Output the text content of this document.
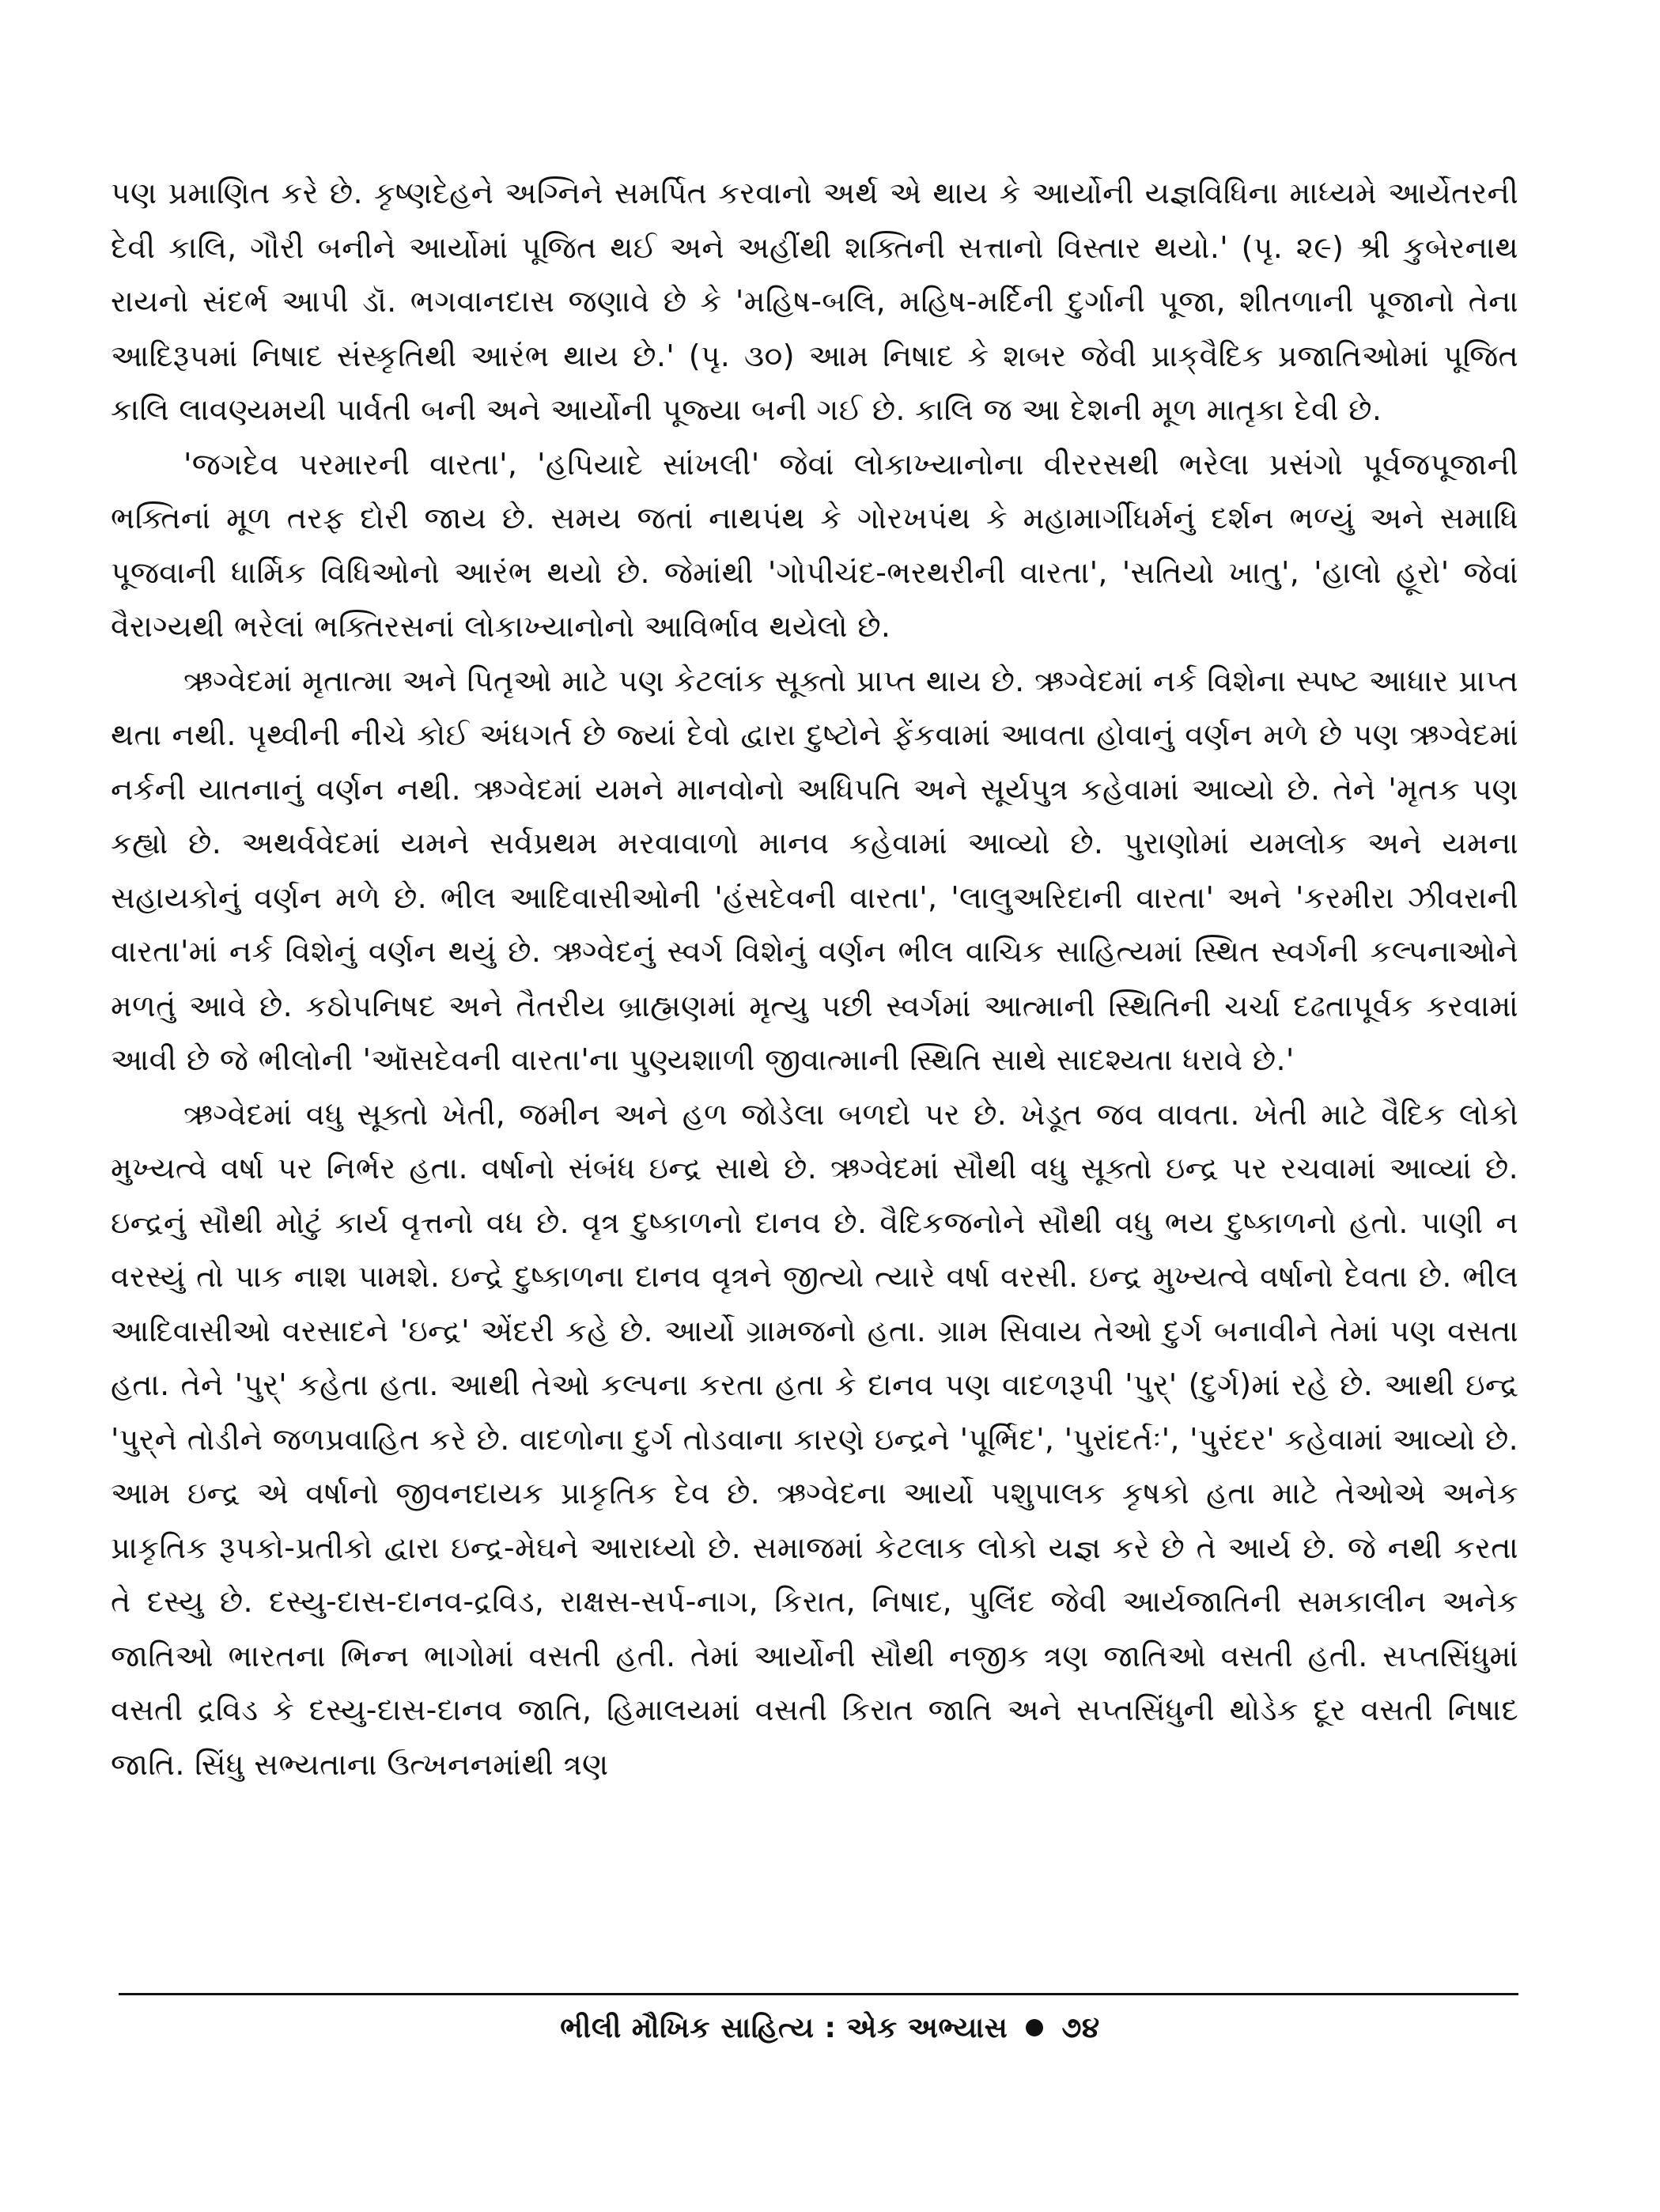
પણ પ્રમાણિત કરે છે. કૃષ્ણદેહને અગ્નિને સમર્પિત કરવાનો અર્થ એ થાય કે આર્યોની યજ્ઞવિધિના માધ્યમે આર્યેતરની દેવી કાલિ, ગૌરી બનીને આર્યોમાં પૂજિત થઈ અને અહીંથી શક્તિની સત્તાનો વિસ્તાર થયો.' (પૃ. ૨૯) શ્રી કુબેરનાથ રાયનો સંદર્ભ આપી ડૉ. ભગવાનદાસ જણાવે છે કે 'મહિષ-બલિ, મહિષ-મર્દિની દુર્ગાની પૂજા, શીતળાની પૂજાનો તેના આદિરૂપમાં નિષાદ સંસ્કૃતિથી આરંભ થાય છે.' (પૃ. ૩૦) આમ નિષાદ કે શબર જેવી પ્રાક્‌વૈદિક પ્રજાતિઓમાં પૂજિત કાલિ લાવણ્યમયી પાર્વતી બની અને આર્યોની પૂજ્યા બની ગઈ છે. કાલિ જ આ દેશની મૂળ માતૃકા દેવી છે.

'જગદેવ પરમારની વારતા', 'હપિયાદે સાંખલી' જેવાં લોકાખ્યાનોના વીરરસથી ભરેલા પ્રસંગો પૂર્વજપૂજાની ભક્તિનાં મૂળ તરફ દોરી જાય છે. સમય જતાં નાથપંથ કે ગોરખપંથ કે મહામાર્ગીધર્મનું દર્શન ભળ્યું અને સમાધિ પૂજવાની ધાર્મિક વિધિઓનો આરંભ થયો છે. જેમાંથી 'ગોપીચંદ-ભરથરીની વારતા', 'સતિયો ખાતુ', 'હાલો હૂરો' જેવાં વૈરાગ્યથી ભરેલાં ભક્તિરસનાં લોકાખ્યાનોનો આવિર્ભાવ થયેલો છે.

ઋગ્વેદમાં મૃતાત્મા અને પિતૃઓ માટે પણ કેટલાંક સૂક્તો પ્રાપ્ત થાય છે. ઋગ્વેદમાં નર્ક વિશેના સ્પષ્ટ આધાર પ્રાપ્ત થતા નથી. પૃથ્વીની નીચે કોઈ અંધગર્ત છે જ્યાં દેવો દ્વારા દુષ્ટોને ફેંકવામાં આવતા હોવાનું વર્ણન મળે છે પણ ઋગ્વેદમાં નર્કની યાતનાનું વર્ણન નથી. ઋગ્વેદમાં યમને માનવોનો અધિપતિ અને સૂર્યપુત્ર કહેવામાં આવ્યો છે. તેને 'મૃતક પણ કહ્યો છે. અથર્વવેદમાં યમને સર્વપ્રથમ મરવાવાળો માનવ કહેવામાં આવ્યો છે. પુરાણોમાં યમલોક અને યમના સહાયકોનું વર્ણન મળે છે. ભીલ આદિવાસીઓની 'હંસદેવની વારતા', 'લાલુઅરિદાની વારતા' અને 'કરમીરા ઝીવરાની વારતા'માં નર્ક વિશેનું વર્ણન થયું છે. ઋગ્વેદનું સ્વર્ગ વિશેનું વર્ણન ભીલ વાચિક સાહિત્યમાં સ્થિત સ્વર્ગની કલ્પનાઓને મળતું આવે છે. કઠોપનિષદ અને તૈતરીય બ્રાહ્મણમાં મૃત્યુ પછી સ્વર્ગમાં આત્માની સ્થિતિની ચર્ચા દઢતાપૂર્વક કરવામાં આવી છે જે ભીલોની 'ઑસદેવની વારતા'ના પુણ્યશાળી જીવાત્માની સ્થિતિ સાથે સાદશ્યતા ધરાવે છે.'

ઋગ્વેદમાં વધુ સૂક્તો ખેતી, જમીન અને હળ જોડેલા બળદો પર છે. ખેડૂત જવ વાવતા. ખેતી માટે વૈદિક લોકો મુખ્યત્વે વર્ષા પર નિર્ભર હતા. વર્ષાનો સંબંધ ઇન્દ્ર સાથે છે. ઋગ્વેદમાં સૌથી વધુ સૂક્તો ઇન્દ્ર પર રચવામાં આવ્યાં છે. ઇન્દ્રનું સૌથી મોટું કાર્ય વૃત્તનો વધ છે. વૃત્ર દુષ્કાળનો દાનવ છે. વૈદિકજનોને સૌથી વધુ ભય દુષ્કાળનો હતો. પાણી ન વરસ્યું તો પાક નાશ પામશે. ઇન્દ્રે દુષ્કાળના દાનવ વૃત્રને જીત્યો ત્યારે વર્ષા વરસી. ઇન્દ્ર મુખ્યત્વે વર્ષાનો દેવતા છે. ભીલ આદિવાસીઓ વરસાદને 'ઇન્દ્ર' એંદરી કહે છે. આર્યો ગ્રામજનો હતા. ગ્રામ સિવાય તેઓ દુર્ગ બનાવીને તેમાં પણ વસતા હતા. તેને 'પુર્' કહેતા હતા. આથી તેઓ કલ્પના કરતા હતા કે દાનવ પણ વાદળરૂપી 'પુર્' (દુર્ગ)માં રહે છે. આથી ઇન્દ્ર 'પુર્‌ને તોડીને જળપ્રવાહિત કરે છે. વાદળોના દુર્ગ તોડવાના કારણે ઇન્દ્રને 'પૂર્ભિદ', 'પુરાંદર્તઃ', 'પુરંદર' કહેવામાં આવ્યો છે. આમ ઇન્દ્ર એ વર્ષાનો જીવનદાયક પ્રાકૃતિક દેવ છે. ઋગ્વેદના આર્યો પશુપાલક કૃષકો હતા માટે તેઓએ અનેક પ્રાકૃતિક રૂપકો-પ્રતીકો દ્વારા ઇન્દ્ર-મેઘને આરાધ્યો છે. સમાજમાં કેટલાક લોકો યજ્ઞ કરે છે તે આર્ય છે. જે નથી કરતા તે દસ્યુ છે. દસ્યુ-દાસ-દાનવ-દ્રવિડ, રાક્ષસ-સર્પ-નાગ, કિરાત, નિષાદ, પુલિંદ જેવી આર્યજાતિની સમકાલીન અનેક જાતિઓ ભારતના ભિન્ન ભાગોમાં વસતી હતી. તેમાં આર્યોની સૌથી નજીક ત્રણ જાતિઓ વસતી હતી. સપ્તસિંધુમાં વસતી દ્રવિડ કે દસ્યુ-દાસ-દાનવ જાતિ, હિમાલયમાં વસતી કિરાત જાતિ અને સપ્તસિંધુની થોડેક દૂર વસતી નિષાદ જાતિ. સિંધુ સભ્યતાના ઉત્ખનનમાંથી ત્રણ

ભીલી મૌખિક સાહિત્ય : એક અભ્યાસ ૭૪
